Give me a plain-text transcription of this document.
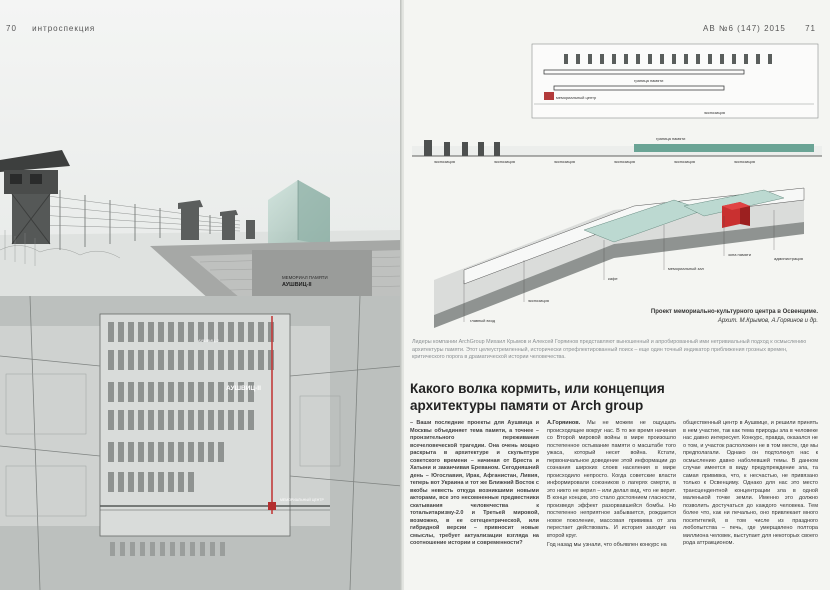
МЕМОРИАЛ ПАМЯТИ
АУШВИЦ-II
70 интроспекция
АУШВИЦ-II
АУШВИЦ-2
МЕМОРИАЛЬНЫЙ ЦЕНТР
АВ №6 (147) 2015 71
мемориальный центр
граница памяти
экспозиция
граница памяти
экспозиция	экспозиция	экспозиция	экспозиция	экспозиция	экспозиция
главный вход
экспозиция
кафе
мемориальный зал
зона памяти
администрация
Проект мемориально-культурного центра в Освенциме.
Архит. М.Крымов, А.Горяинов и др.
Лидеры компании ArchGroup Михаил Крымов и Алексей Горяинов представляют выношенный и апробированный ими нетривиальный подход к осмыслению архитектуры памяти. Этот целеустремленный, исторически отрефлектированный поиск – еще один точный индикатор приближения грозных времен, критического порога в драматической истории человечества.
Какого волка кормить, или концепция архитектуры памяти от Arch group

– Ваши последние проекты для Аушвица и Москвы объединяет тема памяти, а точнее – пронзительного переживания всечеловеческой трагедии. Она очень мощно раскрыта в архитектуре и скульптуре советского времени – начиная от Бреста и Хатыни и заканчивая Ереваном. Сегодняшний день – Югославия, Ирак, Афганистан, Ливия, теперь вот Украина и тот же Ближний Восток с вкобы невесть откуда возникшими новыми акторами, все это несомненные предвестники скатывания человечества к тотальитаризму-2.0 и Третьей мировой, возможно, в ее сетецентрической, или гибридной версии – привносит новые смыслы, требует актуализации взгляда на соотношение истории и современности?

А.Горяинов. Мы не можем не ощущать происходящее вокруг нас. В то же время начиная со Второй мировой войны в мире произошло постепенное остывание памяти о масштабе того ужаса, который несет война. Кстати, первоначальное доведение этой информации до сознания широких слоев населения в мире происходило непросто. Когда советские власти информировали союзников о лагерях смерти, в это никто не верил – или делал вид, что не верит. В конце концов, это стало достоянием гласности, произведя эффект разорвавшейся бомбы. Но постепенно неприятное забывается, рождается новое поколение, массовая прививка от зла перестает действовать. И история заходит на второй круг.

Год назад мы узнали, что объявлен конкурс на

общественный центр в Аушвице, и решили принять в нем участие, так как тема природы зла в человеке нас давно интересует. Конкурс, правда, оказался не о том, и участок расположен не в том месте, где мы предполагали. Однако он подтолкнул нас к осмыслению давно наболевшей темы. В данном случае имеется в виду предупреждение зла, та самая прививка, что, к несчастью, не привязано только к Освенциму. Однако для нас это место трансцендентной концентрации зла в одной маленькой точке земли. Именно это должно позволить достучаться до каждого человека. Тем более что, как ни печально, оно привлекает много посетителей, в том числе из праздного любопытства – печь, где умерщвлено полтора миллиона человек, выступает для некоторых своего рода аттракционом.
